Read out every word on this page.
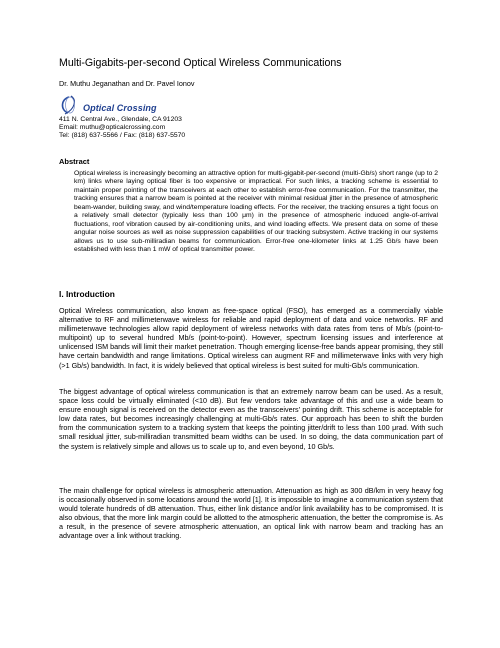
Multi-Gigabits-per-second Optical Wireless Communications
Dr. Muthu Jeganathan and Dr. Pavel Ionov
Optical Crossing
411 N. Central Ave., Glendale, CA 91203
Email: muthu@opticalcrossing.com
Tel: (818) 637-5566 / Fax: (818) 637-5570
Abstract

Optical wireless is increasingly becoming an attractive option for multi-gigabit-per-second (multi-Gb/s) short range (up to 2 km) links where laying optical fiber is too expensive or impractical. For such links, a tracking scheme is essential to maintain proper pointing of the transceivers at each other to establish error-free communication. For the transmitter, the tracking ensures that a narrow beam is pointed at the receiver with minimal residual jitter in the presence of atmospheric beam-wander, building sway, and wind/temperature loading effects. For the receiver, the tracking ensures a tight focus on a relatively small detector (typically less than 100 μm) in the presence of atmospheric induced angle-of-arrival fluctuations, roof vibration caused by air-conditioning units, and wind loading effects. We present data on some of these angular noise sources as well as noise suppression capabilities of our tracking subsystem. Active tracking in our systems allows us to use sub-milliradian beams for communication. Error-free one-kilometer links at 1.25 Gb/s have been established with less than 1 mW of optical transmitter power.

I. Introduction

Optical Wireless communication, also known as free-space optical (FSO), has emerged as a commercially viable alternative to RF and millimeterwave wireless for reliable and rapid deployment of data and voice networks. RF and millimeterwave technologies allow rapid deployment of wireless networks with data rates from tens of Mb/s (point-to-multipoint) up to several hundred Mb/s (point-to-point). However, spectrum licensing issues and interference at unlicensed ISM bands will limit their market penetration. Though emerging license-free bands appear promising, they still have certain bandwidth and range limitations. Optical wireless can augment RF and millimeterwave links with very high (>1 Gb/s) bandwidth. In fact, it is widely believed that optical wireless is best suited for multi-Gb/s communication.

The biggest advantage of optical wireless communication is that an extremely narrow beam can be used. As a result, space loss could be virtually eliminated (<10 dB). But few vendors take advantage of this and use a wide beam to ensure enough signal is received on the detector even as the transceivers' pointing drift. This scheme is acceptable for low data rates, but becomes increasingly challenging at multi-Gb/s rates. Our approach has been to shift the burden from the communication system to a tracking system that keeps the pointing jitter/drift to less than 100 μrad. With such small residual jitter, sub-milliradian transmitted beam widths can be used. In so doing, the data communication part of the system is relatively simple and allows us to scale up to, and even beyond, 10 Gb/s.

The main challenge for optical wireless is atmospheric attenuation. Attenuation as high as 300 dB/km in very heavy fog is occasionally observed in some locations around the world [1]. It is impossible to imagine a communication system that would tolerate hundreds of dB attenuation. Thus, either link distance and/or link availability has to be compromised. It is also obvious, that the more link margin could be allotted to the atmospheric attenuation, the better the compromise is. As a result, in the presence of severe atmospheric attenuation, an optical link with narrow beam and tracking has an advantage over a link without tracking.
